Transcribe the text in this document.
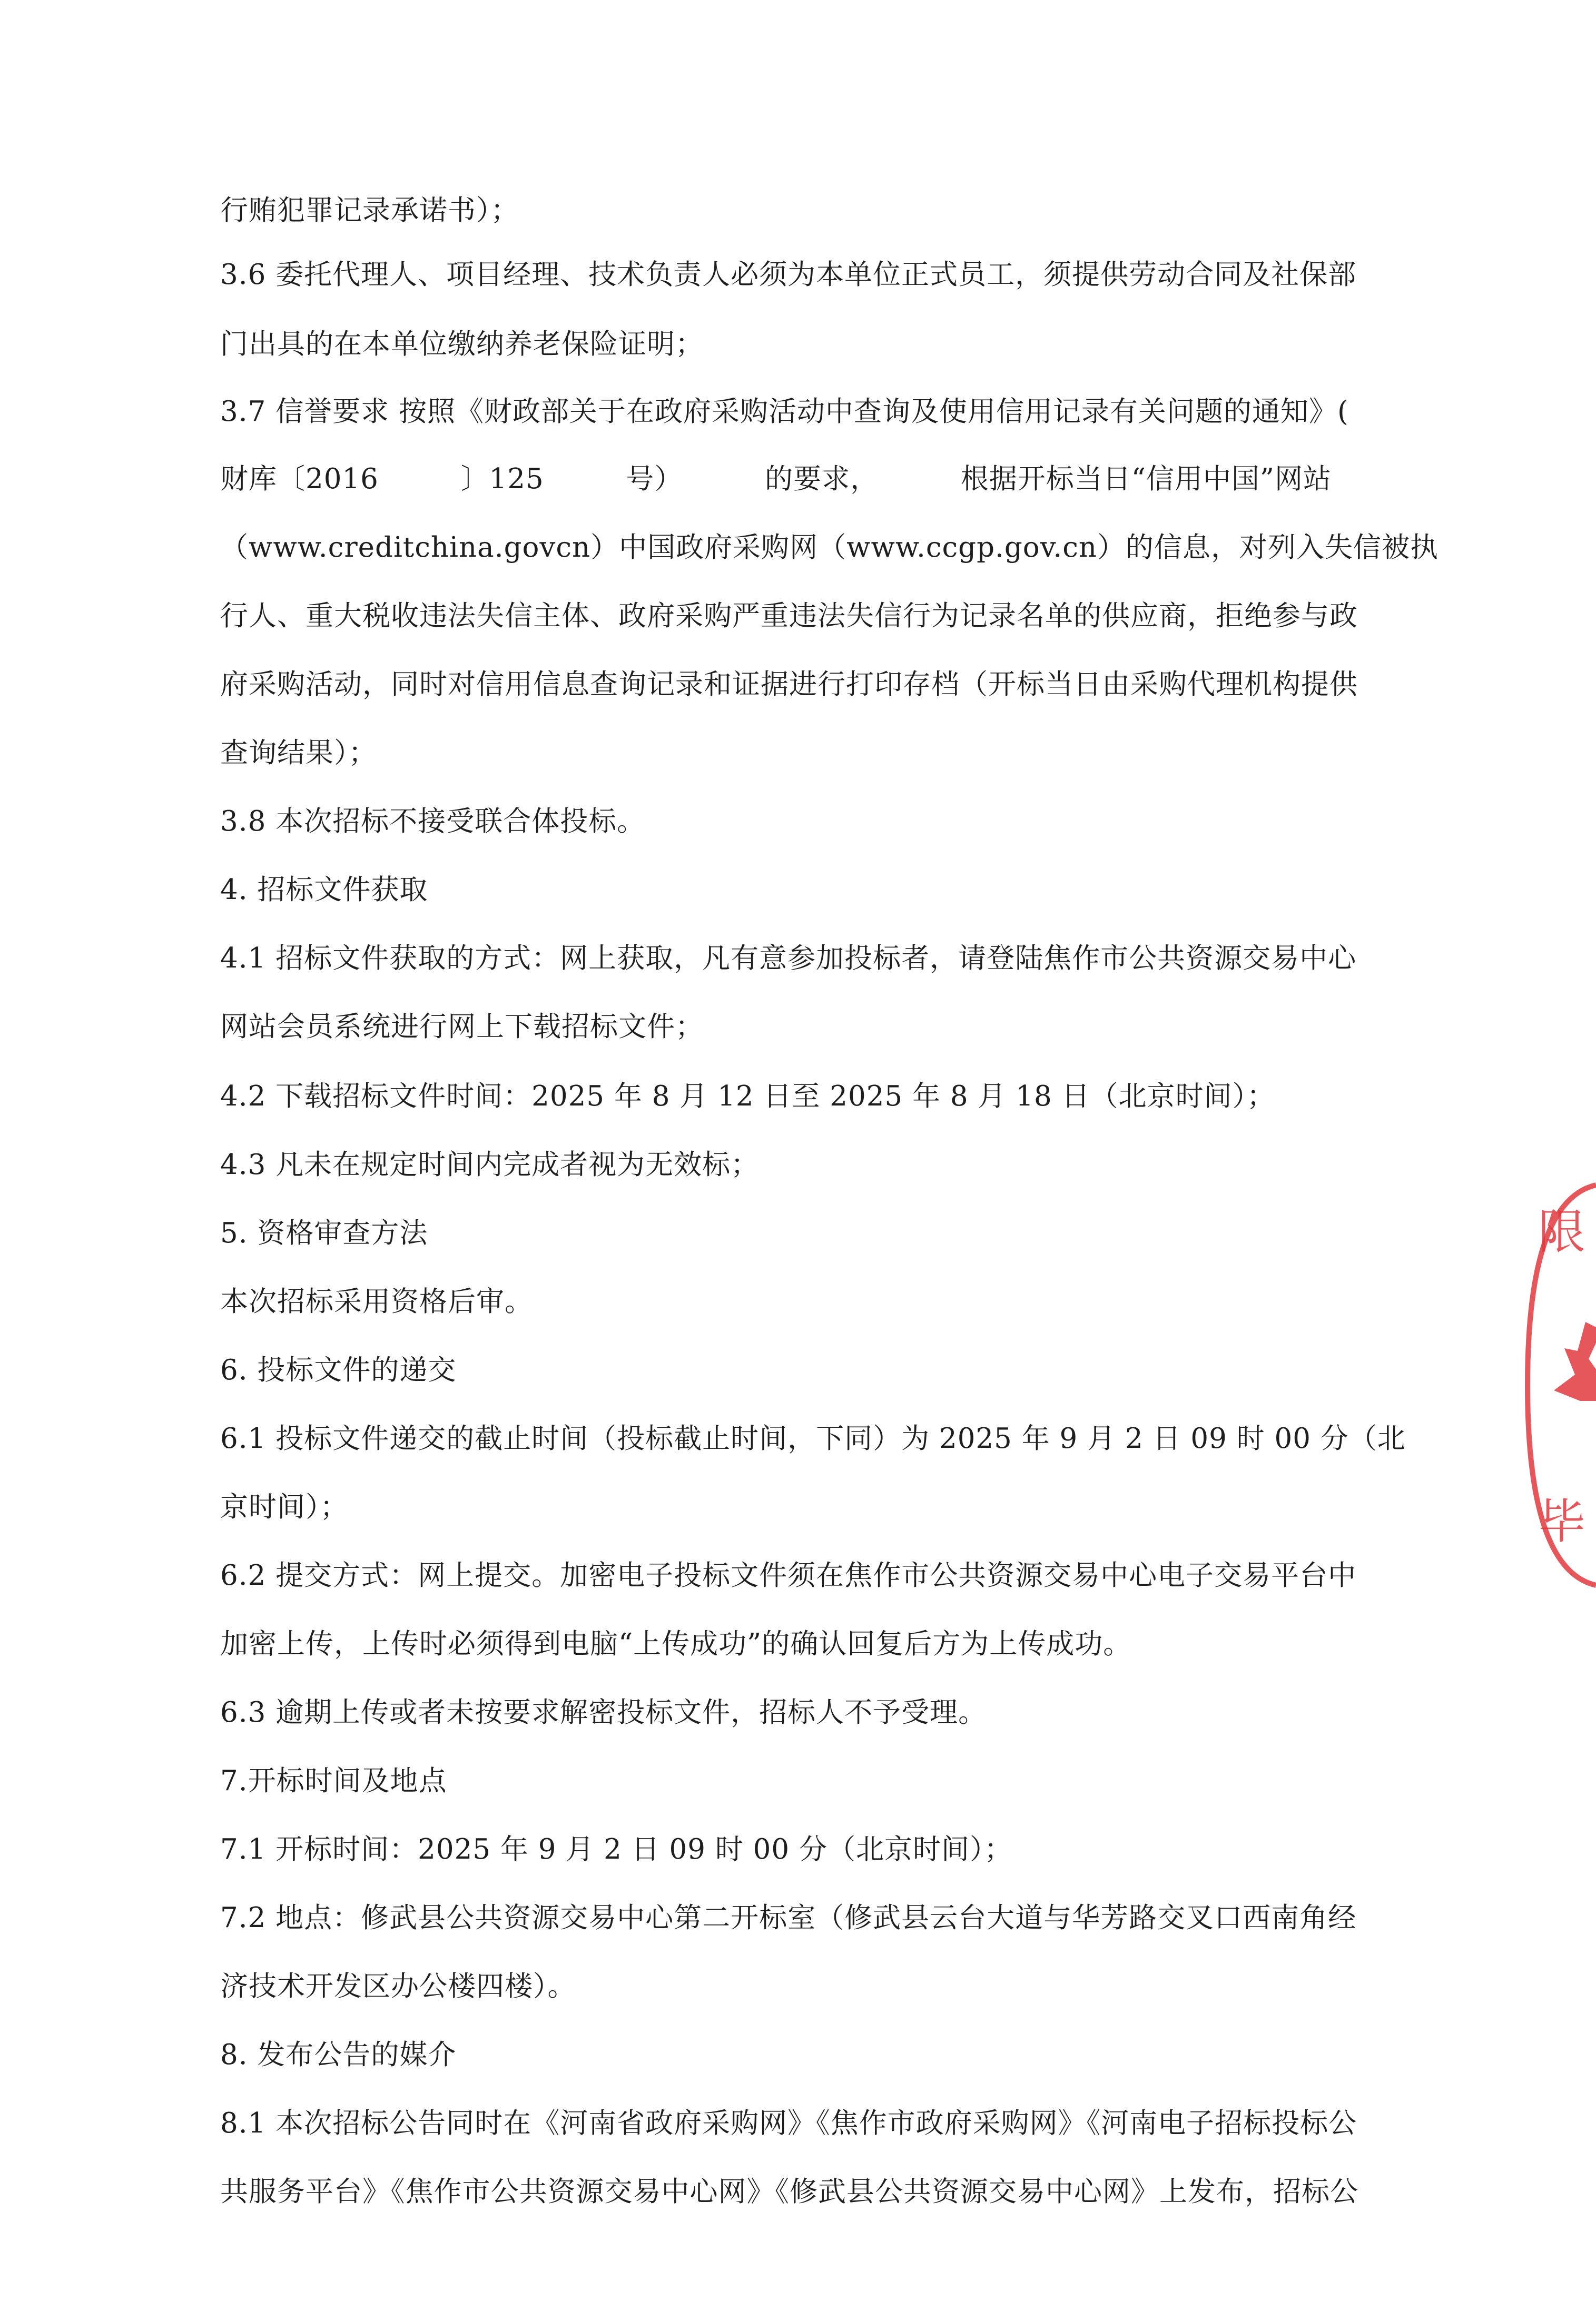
行贿犯罪记录承诺书）；
3.6 委托代理人、项目经理、技术负责人必须为本单位正式员工，须提供劳动合同及社保部
门出具的在本单位缴纳养老保险证明；
3.7 信誉要求 按照《财政部关于在政府采购活动中查询及使用信用记录有关问题的通知》(
财库〔2016	〕125	号）	的要求，	根据开标当日“信用中国”网站
（www.creditchina.govcn）中国政府采购网（www.ccgp.gov.cn）的信息，对列入失信被执
行人、重大税收违法失信主体、政府采购严重违法失信行为记录名单的供应商，拒绝参与政
府采购活动，同时对信用信息查询记录和证据进行打印存档（开标当日由采购代理机构提供
查询结果）；
3.8 本次招标不接受联合体投标。
4. 招标文件获取
4.1 招标文件获取的方式：网上获取，凡有意参加投标者，请登陆焦作市公共资源交易中心
网站会员系统进行网上下载招标文件；
4.2 下载招标文件时间：2025 年 8 月 12 日至 2025 年 8 月 18 日（北京时间）；
4.3 凡未在规定时间内完成者视为无效标；
5. 资格审查方法
本次招标采用资格后审。
6. 投标文件的递交
6.1 投标文件递交的截止时间（投标截止时间，下同）为 2025 年 9 月 2 日 09 时 00 分（北
京时间）；
6.2 提交方式：网上提交。加密电子投标文件须在焦作市公共资源交易中心电子交易平台中
加密上传，上传时必须得到电脑“上传成功”的确认回复后方为上传成功。
6.3 逾期上传或者未按要求解密投标文件，招标人不予受理。
7.开标时间及地点
7.1 开标时间：2025 年 9 月 2 日 09 时 00 分（北京时间）；
7.2 地点：修武县公共资源交易中心第二开标室（修武县云台大道与华芳路交叉口西南角经
济技术开发区办公楼四楼）。
8. 发布公告的媒介
8.1 本次招标公告同时在《河南省政府采购网》《焦作市政府采购网》《河南电子招标投标公
共服务平台》《焦作市公共资源交易中心网》《修武县公共资源交易中心网》上发布，招标公
限
毕
